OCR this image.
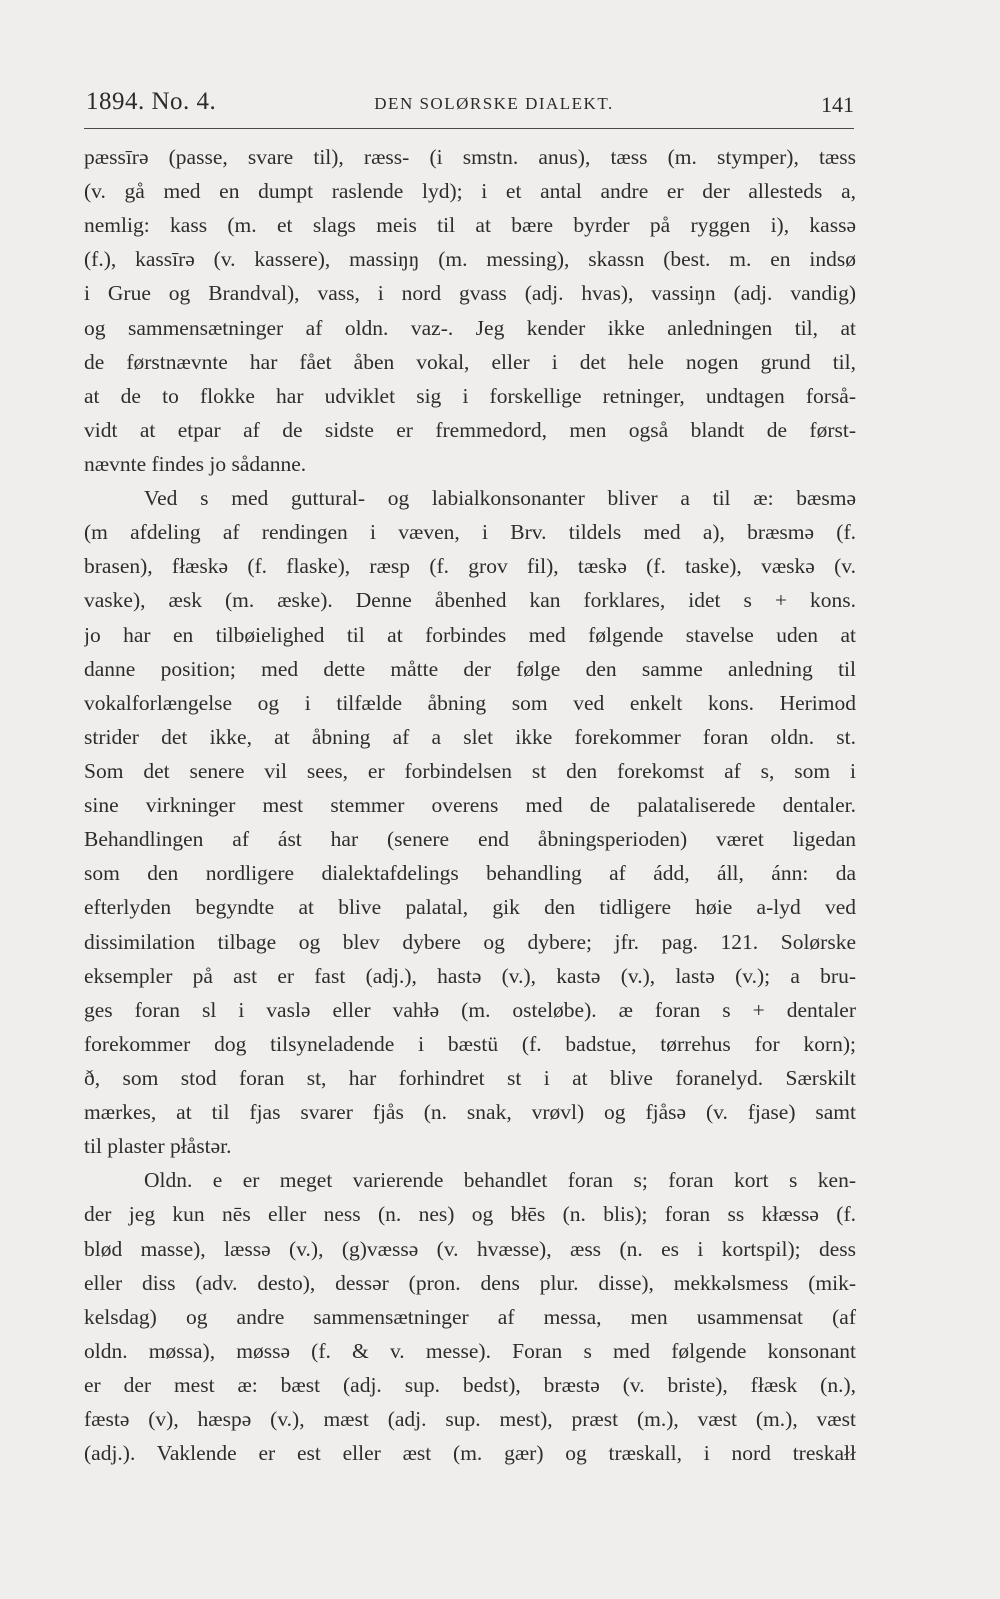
1894. No. 4.	DEN SOLØRSKE DIALEKT.	141
pæssīrə (passe, svare til), ræss- (i smstn. anus), tæss (m. stymper), tæss
(v. gå med en dumpt raslende lyd); i et antal andre er der allesteds a,
nemlig: kass (m. et slags meis til at bære byrder på ryggen i), kassə
(f.), kassīrə (v. kassere), massiŋŋ (m. messing), skassn (best. m. en indsø
i Grue og Brandval), vass, i nord gvass (adj. hvas), vassiŋn (adj. vandig)
og sammensætninger af oldn. vaz-. Jeg kender ikke anledningen til, at
de førstnævnte har fået åben vokal, eller i det hele nogen grund til,
at de to flokke har udviklet sig i forskellige retninger, undtagen forså-
vidt at etpar af de sidste er fremmedord, men også blandt de først-
nævnte findes jo sådanne.
Ved s med guttural- og labialkonsonanter bliver a til æ: bæsmə
(m afdeling af rendingen i væven, i Brv. tildels med a), bræsmə (f.
brasen), fłæskə (f. flaske), ræsp (f. grov fil), tæskə (f. taske), væskə (v.
vaske), æsk (m. æske). Denne åbenhed kan forklares, idet s + kons.
jo har en tilbøielighed til at forbindes med følgende stavelse uden at
danne position; med dette måtte der følge den samme anledning til
vokalforlængelse og i tilfælde åbning som ved enkelt kons. Herimod
strider det ikke, at åbning af a slet ikke forekommer foran oldn. st.
Som det senere vil sees, er forbindelsen st den forekomst af s, som i
sine virkninger mest stemmer overens med de palataliserede dentaler.
Behandlingen af ást har (senere end åbningsperioden) været ligedan
som den nordligere dialektafdelings behandling af ádd, áll, ánn: da
efterlyden begyndte at blive palatal, gik den tidligere høie a-lyd ved
dissimilation tilbage og blev dybere og dybere; jfr. pag. 121. Solørske
eksempler på ast er fast (adj.), hastə (v.), kastə (v.), lastə (v.); a bru-
ges foran sl i vaslə eller vahłə (m. osteløbe). æ foran s + dentaler
forekommer dog tilsyneladende i bæstü (f. badstue, tørrehus for korn);
ð, som stod foran st, har forhindret st i at blive foranelyd. Særskilt
mærkes, at til fjas svarer fjås (n. snak, vrøvl) og fjåsə (v. fjase) samt
til plaster płåstər.
Oldn. e er meget varierende behandlet foran s; foran kort s ken-
der jeg kun nēs eller ness (n. nes) og błēs (n. blis); foran ss kłæssə (f.
blød masse), læssə (v.), (g)væssə (v. hvæsse), æss (n. es i kortspil); dess
eller diss (adv. desto), dessər (pron. dens plur. disse), mekkəlsmess (mik-
kelsdag) og andre sammensætninger af messa, men usammensat (af
oldn. møssa), møssə (f. & v. messe). Foran s med følgende konsonant
er der mest æ: bæst (adj. sup. bedst), bræstə (v. briste), fłæsk (n.),
fæstə (v), hæspə (v.), mæst (adj. sup. mest), præst (m.), væst (m.), væst
(adj.). Vaklende er est eller æst (m. gær) og træskall, i nord treskałł
